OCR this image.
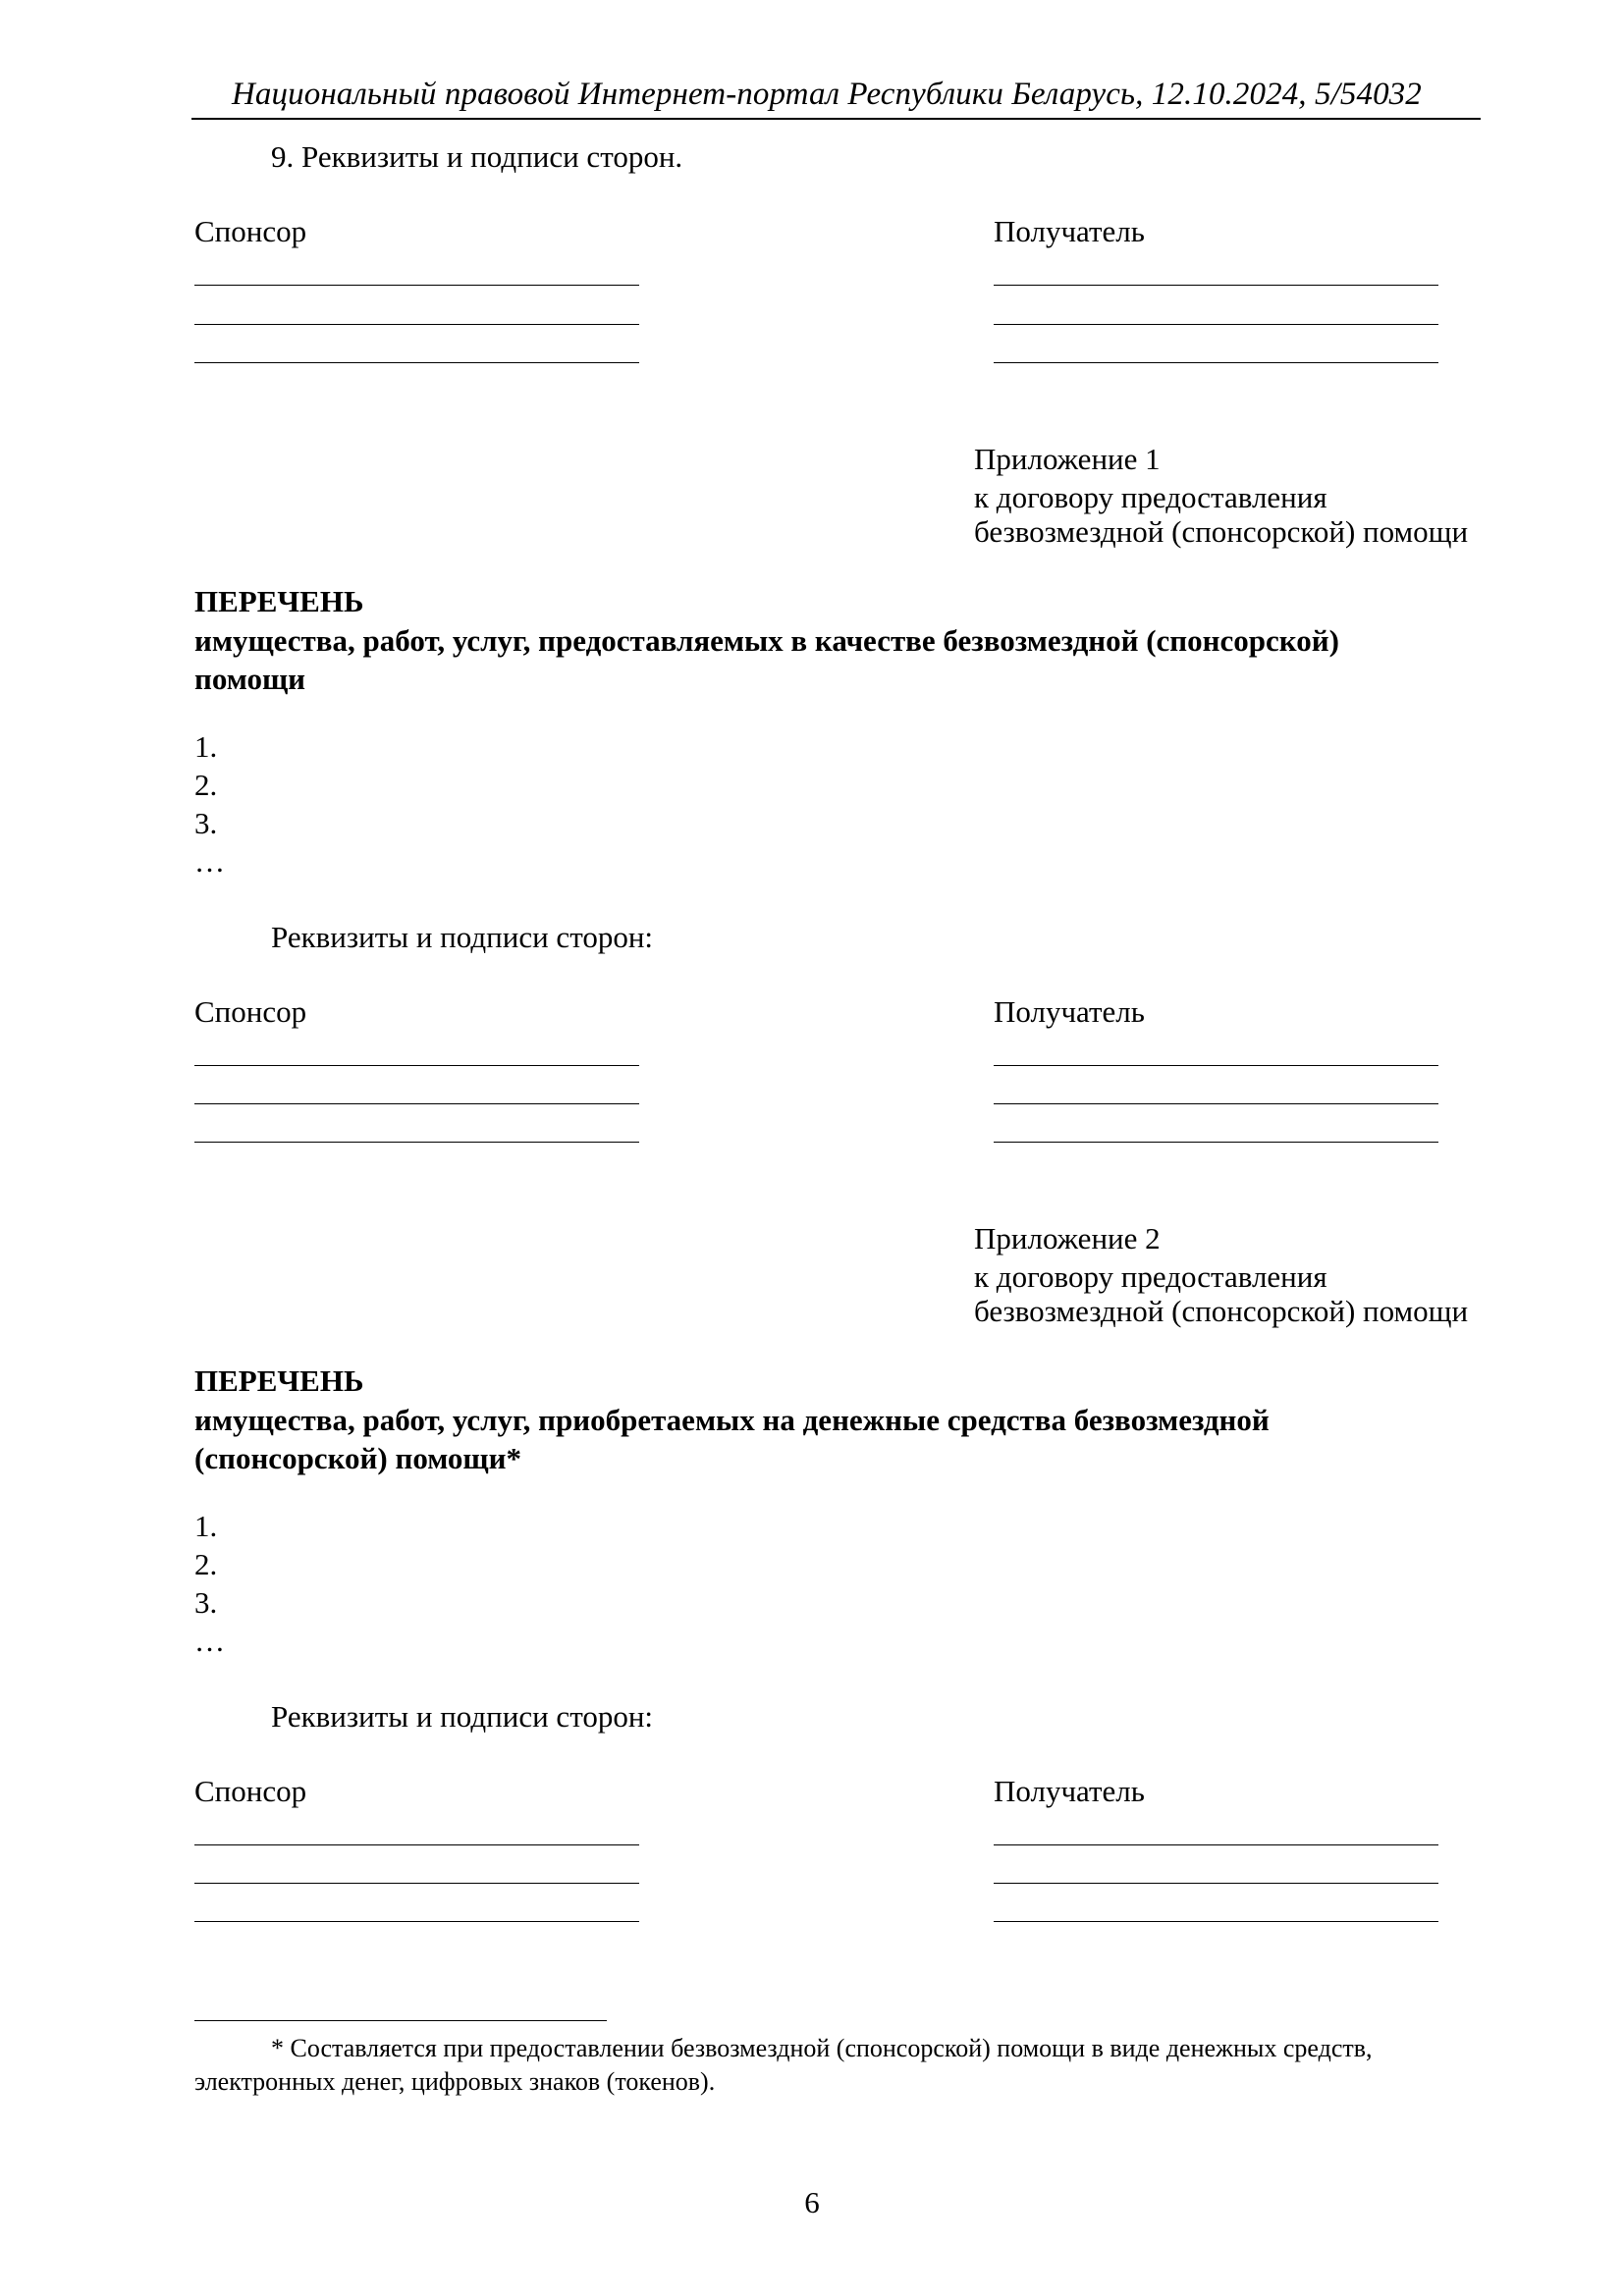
Национальный правовой Интернет-портал Республики Беларусь, 12.10.2024, 5/54032
9. Реквизиты и подписи сторон.
Спонсор	Получатель
Приложение 1
к договору предоставления
безвозмездной (спонсорской) помощи
ПЕРЕЧЕНЬ
имущества, работ, услуг, предоставляемых в качестве безвозмездной (спонсорской)
помощи
1.
2.
3.
…
Реквизиты и подписи сторон:
Спонсор	Получатель
Приложение 2
к договору предоставления
безвозмездной (спонсорской) помощи
ПЕРЕЧЕНЬ
имущества, работ, услуг, приобретаемых на денежные средства безвозмездной
(спонсорской) помощи*
1.
2.
3.
…
Реквизиты и подписи сторон:
Спонсор	Получатель
* Составляется при предоставлении безвозмездной (спонсорской) помощи в виде денежных средств,
электронных денег, цифровых знаков (токенов).
6
